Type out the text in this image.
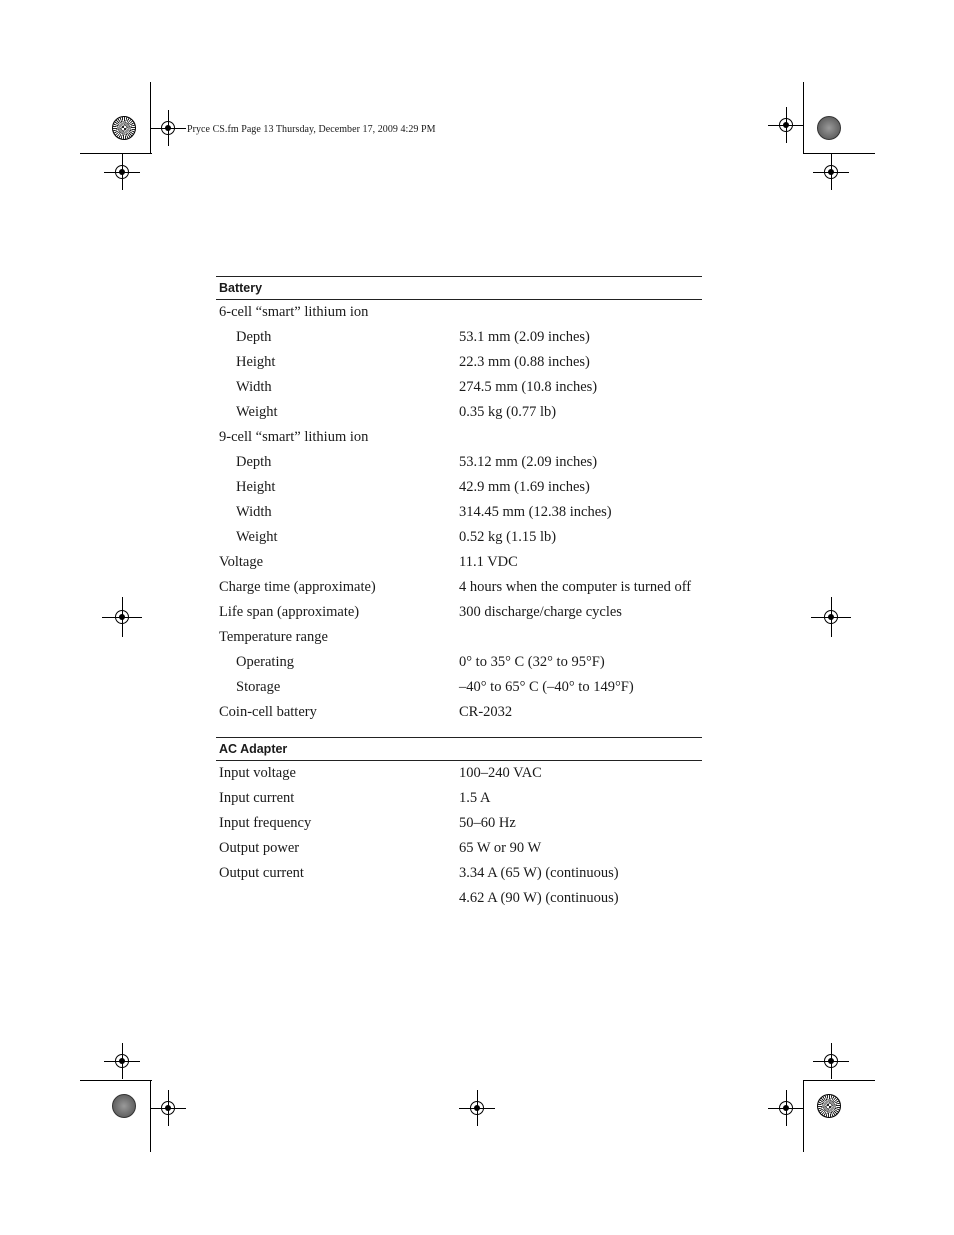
Pryce CS.fm Page 13 Thursday, December 17, 2009 4:29 PM
Battery
6-cell “smart” lithium ion
Depth	53.1 mm (2.09 inches)
Height	22.3 mm (0.88 inches)
Width	274.5 mm (10.8 inches)
Weight	0.35 kg (0.77 lb)
9-cell “smart” lithium ion
Depth	53.12 mm (2.09 inches)
Height	42.9 mm (1.69 inches)
Width	314.45 mm (12.38 inches)
Weight	0.52 kg (1.15 lb)
Voltage	11.1 VDC
Charge time (approximate)	4 hours when the computer is turned off
Life span (approximate)	300 discharge/charge cycles
Temperature range
Operating	0° to 35° C (32° to 95°F)
Storage	–40° to 65° C (–40° to 149°F)
Coin-cell battery	CR-2032
AC Adapter
Input voltage	100–240 VAC
Input current	1.5 A
Input frequency	50–60 Hz
Output power	65 W or 90 W
Output current	3.34 A (65 W) (continuous)
4.62 A (90 W) (continuous)
